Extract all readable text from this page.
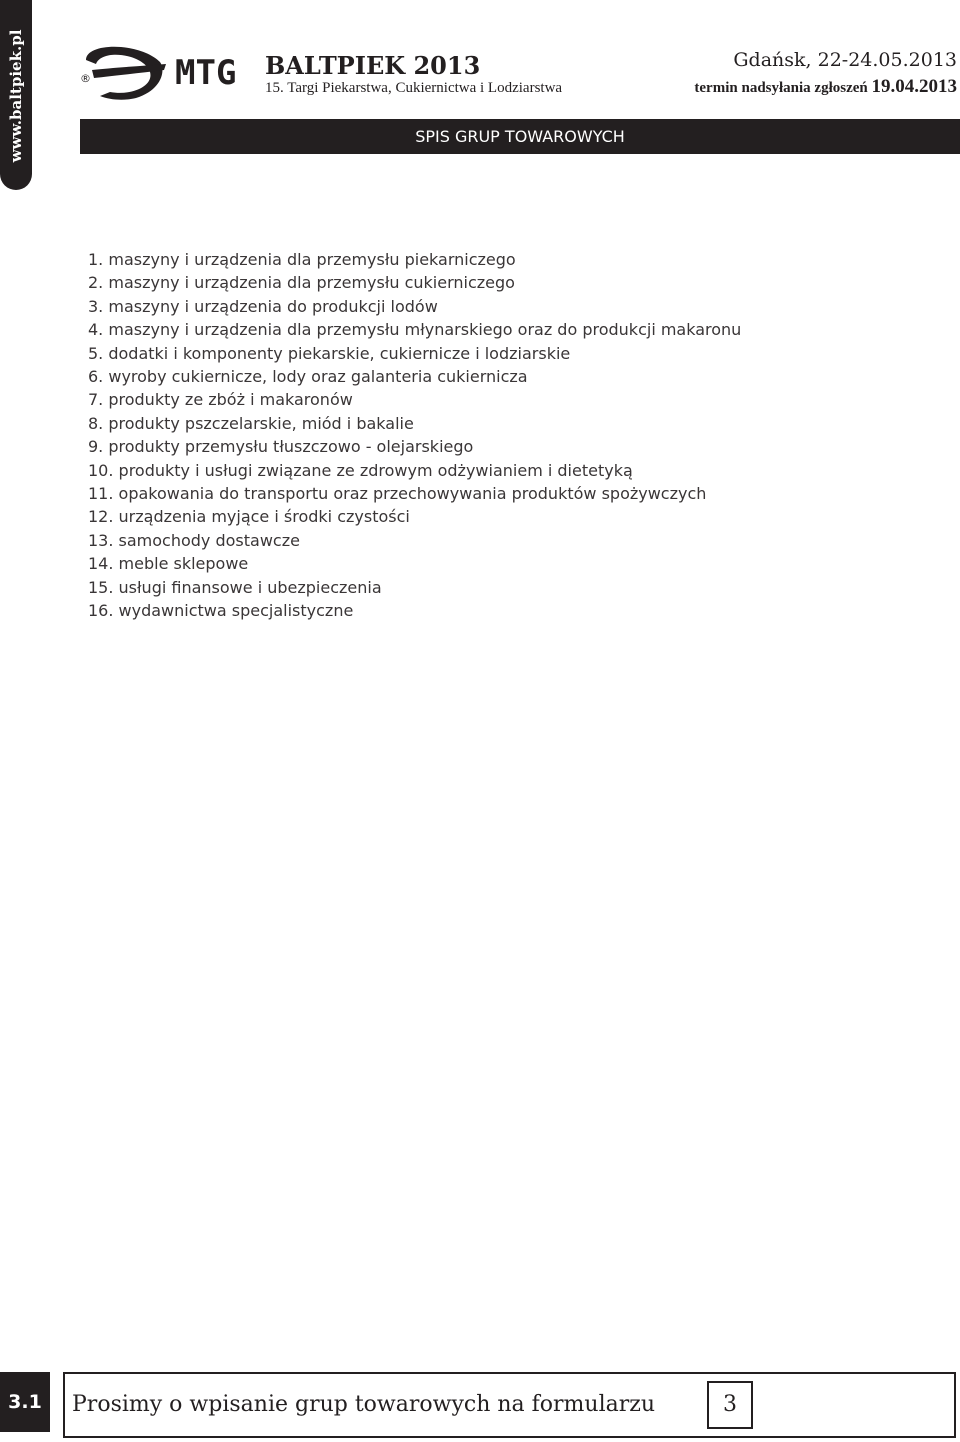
www.baltpiek.pl	MTG
®	BALTPIEK 2013
15. Targi Piekarstwa, Cukiernictwa i Lodziarstwa
Gdańsk, 22-24.05.2013
termin nadsyłania zgłoszeń 19.04.2013
SPIS GRUP TOWAROWYCH
1. maszyny i urządzenia dla przemysłu piekarniczego
2. maszyny i urządzenia dla przemysłu cukierniczego
3. maszyny i urządzenia do produkcji lodów
4. maszyny i urządzenia dla przemysłu młynarskiego oraz do produkcji makaronu
5. dodatki i komponenty piekarskie, cukiernicze i lodziarskie
6. wyroby cukiernicze, lody oraz galanteria cukiernicza
7. produkty ze zbóż i makaronów
8. produkty pszczelarskie, miód i bakalie
9. produkty przemysłu tłuszczowo - olejarskiego
10. produkty i usługi związane ze zdrowym odżywianiem i dietetyką
11. opakowania do transportu oraz przechowywania produktów spożywczych
12. urządzenia myjące i środki czystości
13. samochody dostawcze
14. meble sklepowe
15. usługi finansowe i ubezpieczenia
16. wydawnictwa specjalistyczne
3.1	Prosimy o wpisanie grup towarowych na formularzu	3
